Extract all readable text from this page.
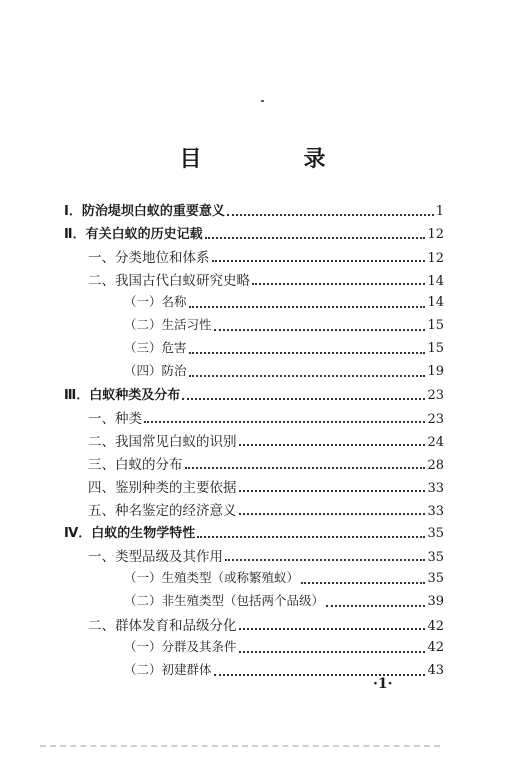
目　录
Ⅰ．防治堤坝白蚁的重要意义	1
Ⅱ．有关白蚁的历史记载	12
一、分类地位和体系	12
二、我国古代白蚁研究史略	14
（一）名称	14
（二）生活习性	15
（三）危害	15
（四）防治	19
Ⅲ．白蚁种类及分布	23
一、种类	23
二、我国常见白蚁的识别	24
三、白蚁的分布	28
四、鉴别种类的主要依据	33
五、种名鉴定的经济意义	33
Ⅳ．白蚁的生物学特性	35
一、类型品级及其作用	35
（一）生殖类型（或称繁殖蚁）	35
（二）非生殖类型（包括两个品级）	39
二、群体发育和品级分化	42
（一）分群及其条件	42
（二）初建群体	43
·1·
